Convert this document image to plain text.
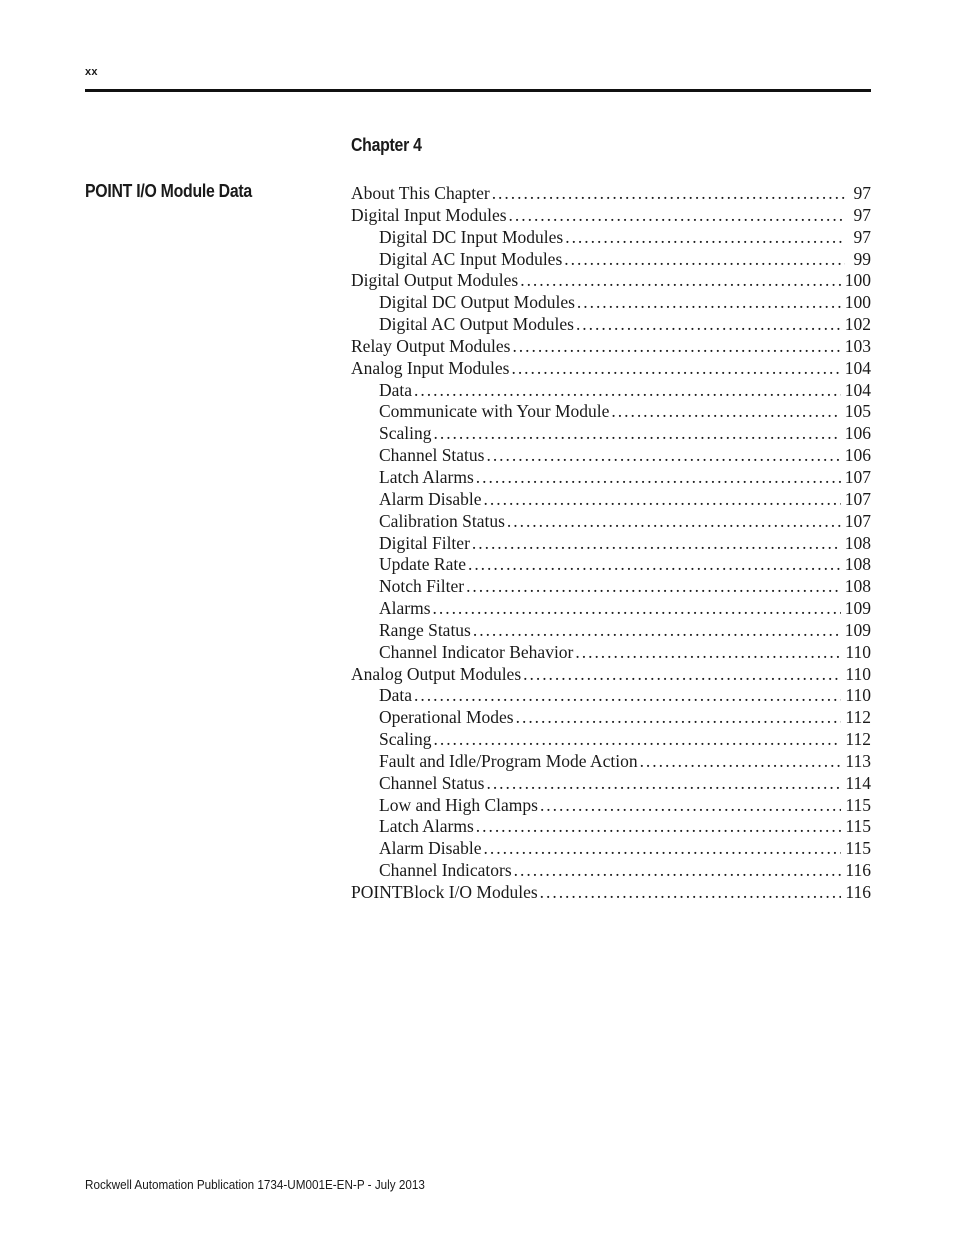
xx
Chapter 4
POINT I/O Module Data	About This Chapter . . .	97
Digital Input Modules . . .	97
Digital DC Input Modules . . .	97
Digital AC Input Modules . . .	99
Digital Output Modules . . .	100
Digital DC Output Modules . . .	100
Digital AC Output Modules . . .	102
Relay Output Modules . . .	103
Analog Input Modules . . .	104
Data . . .	104
Communicate with Your Module . . .	105
Scaling . . .	106
Channel Status . . .	106
Latch Alarms . . .	107
Alarm Disable . . .	107
Calibration Status . . .	107
Digital Filter . . .	108
Update Rate . . .	108
Notch Filter . . .	108
Alarms . . .	109
Range Status . . .	109
Channel Indicator Behavior . . .	110
Analog Output Modules . . .	110
Data . . .	110
Operational Modes . . .	112
Scaling . . .	112
Fault and Idle/Program Mode Action . . .	113
Channel Status . . .	114
Low and High Clamps . . .	115
Latch Alarms . . .	115
Alarm Disable . . .	115
Channel Indicators . . .	116
POINTBlock I/O Modules . . .	116
Rockwell Automation Publication 1734-UM001E-EN-P - July 2013
